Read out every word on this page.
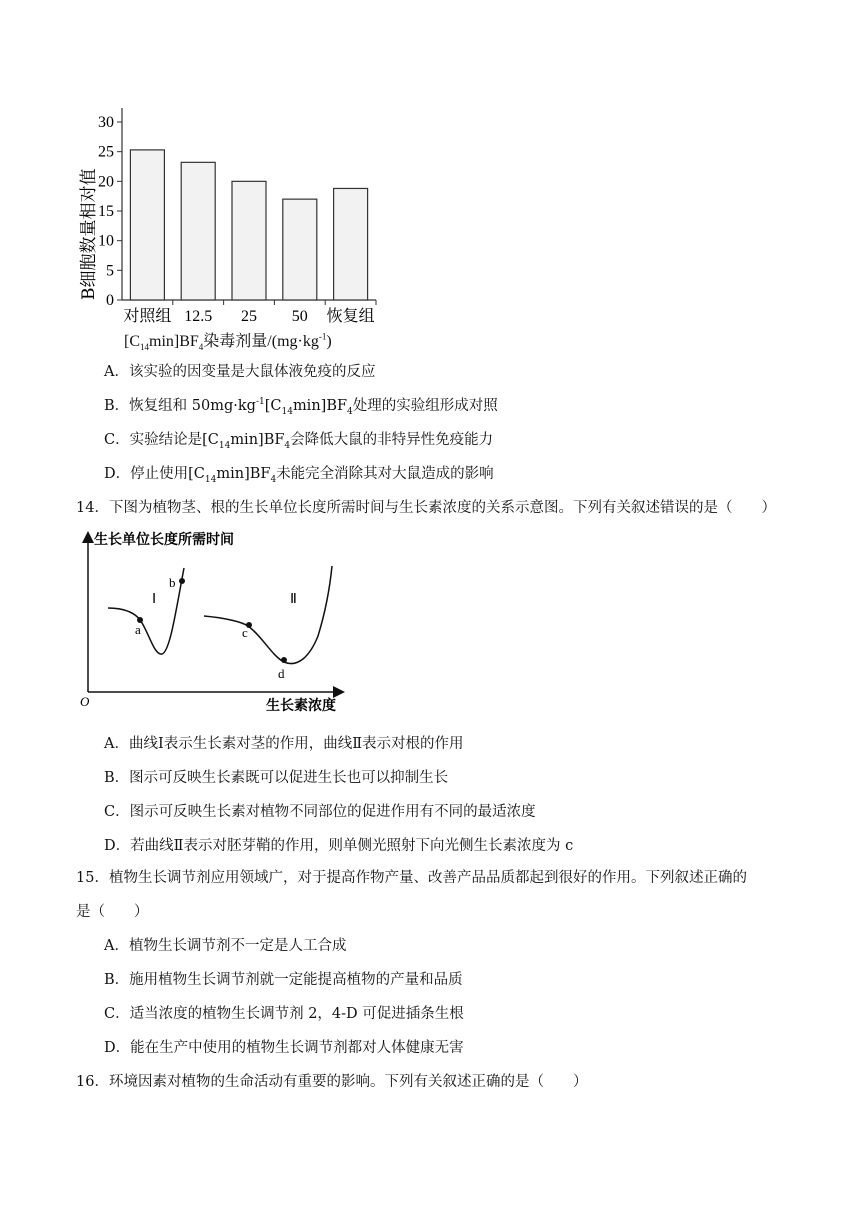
B细胞数量相对值
30
25
20
15
10
5
0
对照组 12.5 25 50 恢复组
$[C_{14}\min]BF_4$染毒剂量$/(mg\cdot kg^{-1})$
A．该实验的因变量是大鼠体液免疫的反应
B．恢复组和 $50mg\cdot kg^{-1}[C_{14}\min]BF_4$处理的实验组形成对照
C．实验结论是$[C_{14}\min]BF_4$会降低大鼠的非特异性免疫能力
D．停止使用$[C_{14}\min]BF_4$未能完全消除其对大鼠造成的影响
14．下图为植物茎、根的生长单位长度所需时间与生长素浓度的关系示意图。下列有关叙述错误的是（　　）
生长单位长度所需时间
O	生长素浓度
a
b
c
d
Ⅰ	Ⅱ
A．曲线Ⅰ表示生长素对茎的作用，曲线Ⅱ表示对根的作用
B．图示可反映生长素既可以促进生长也可以抑制生长
C．图示可反映生长素对植物不同部位的促进作用有不同的最适浓度
D．若曲线Ⅱ表示对胚芽鞘的作用，则单侧光照射下向光侧生长素浓度为 c
15．植物生长调节剂应用领域广，对于提高作物产量、改善产品品质都起到很好的作用。下列叙述正确的
是（　　）
A．植物生长调节剂不一定是人工合成
B．施用植物生长调节剂就一定能提高植物的产量和品质
C．适当浓度的植物生长调节剂 2，4-D 可促进插条生根
D．能在生产中使用的植物生长调节剂都对人体健康无害
16．环境因素对植物的生命活动有重要的影响。下列有关叙述正确的是（　　）
